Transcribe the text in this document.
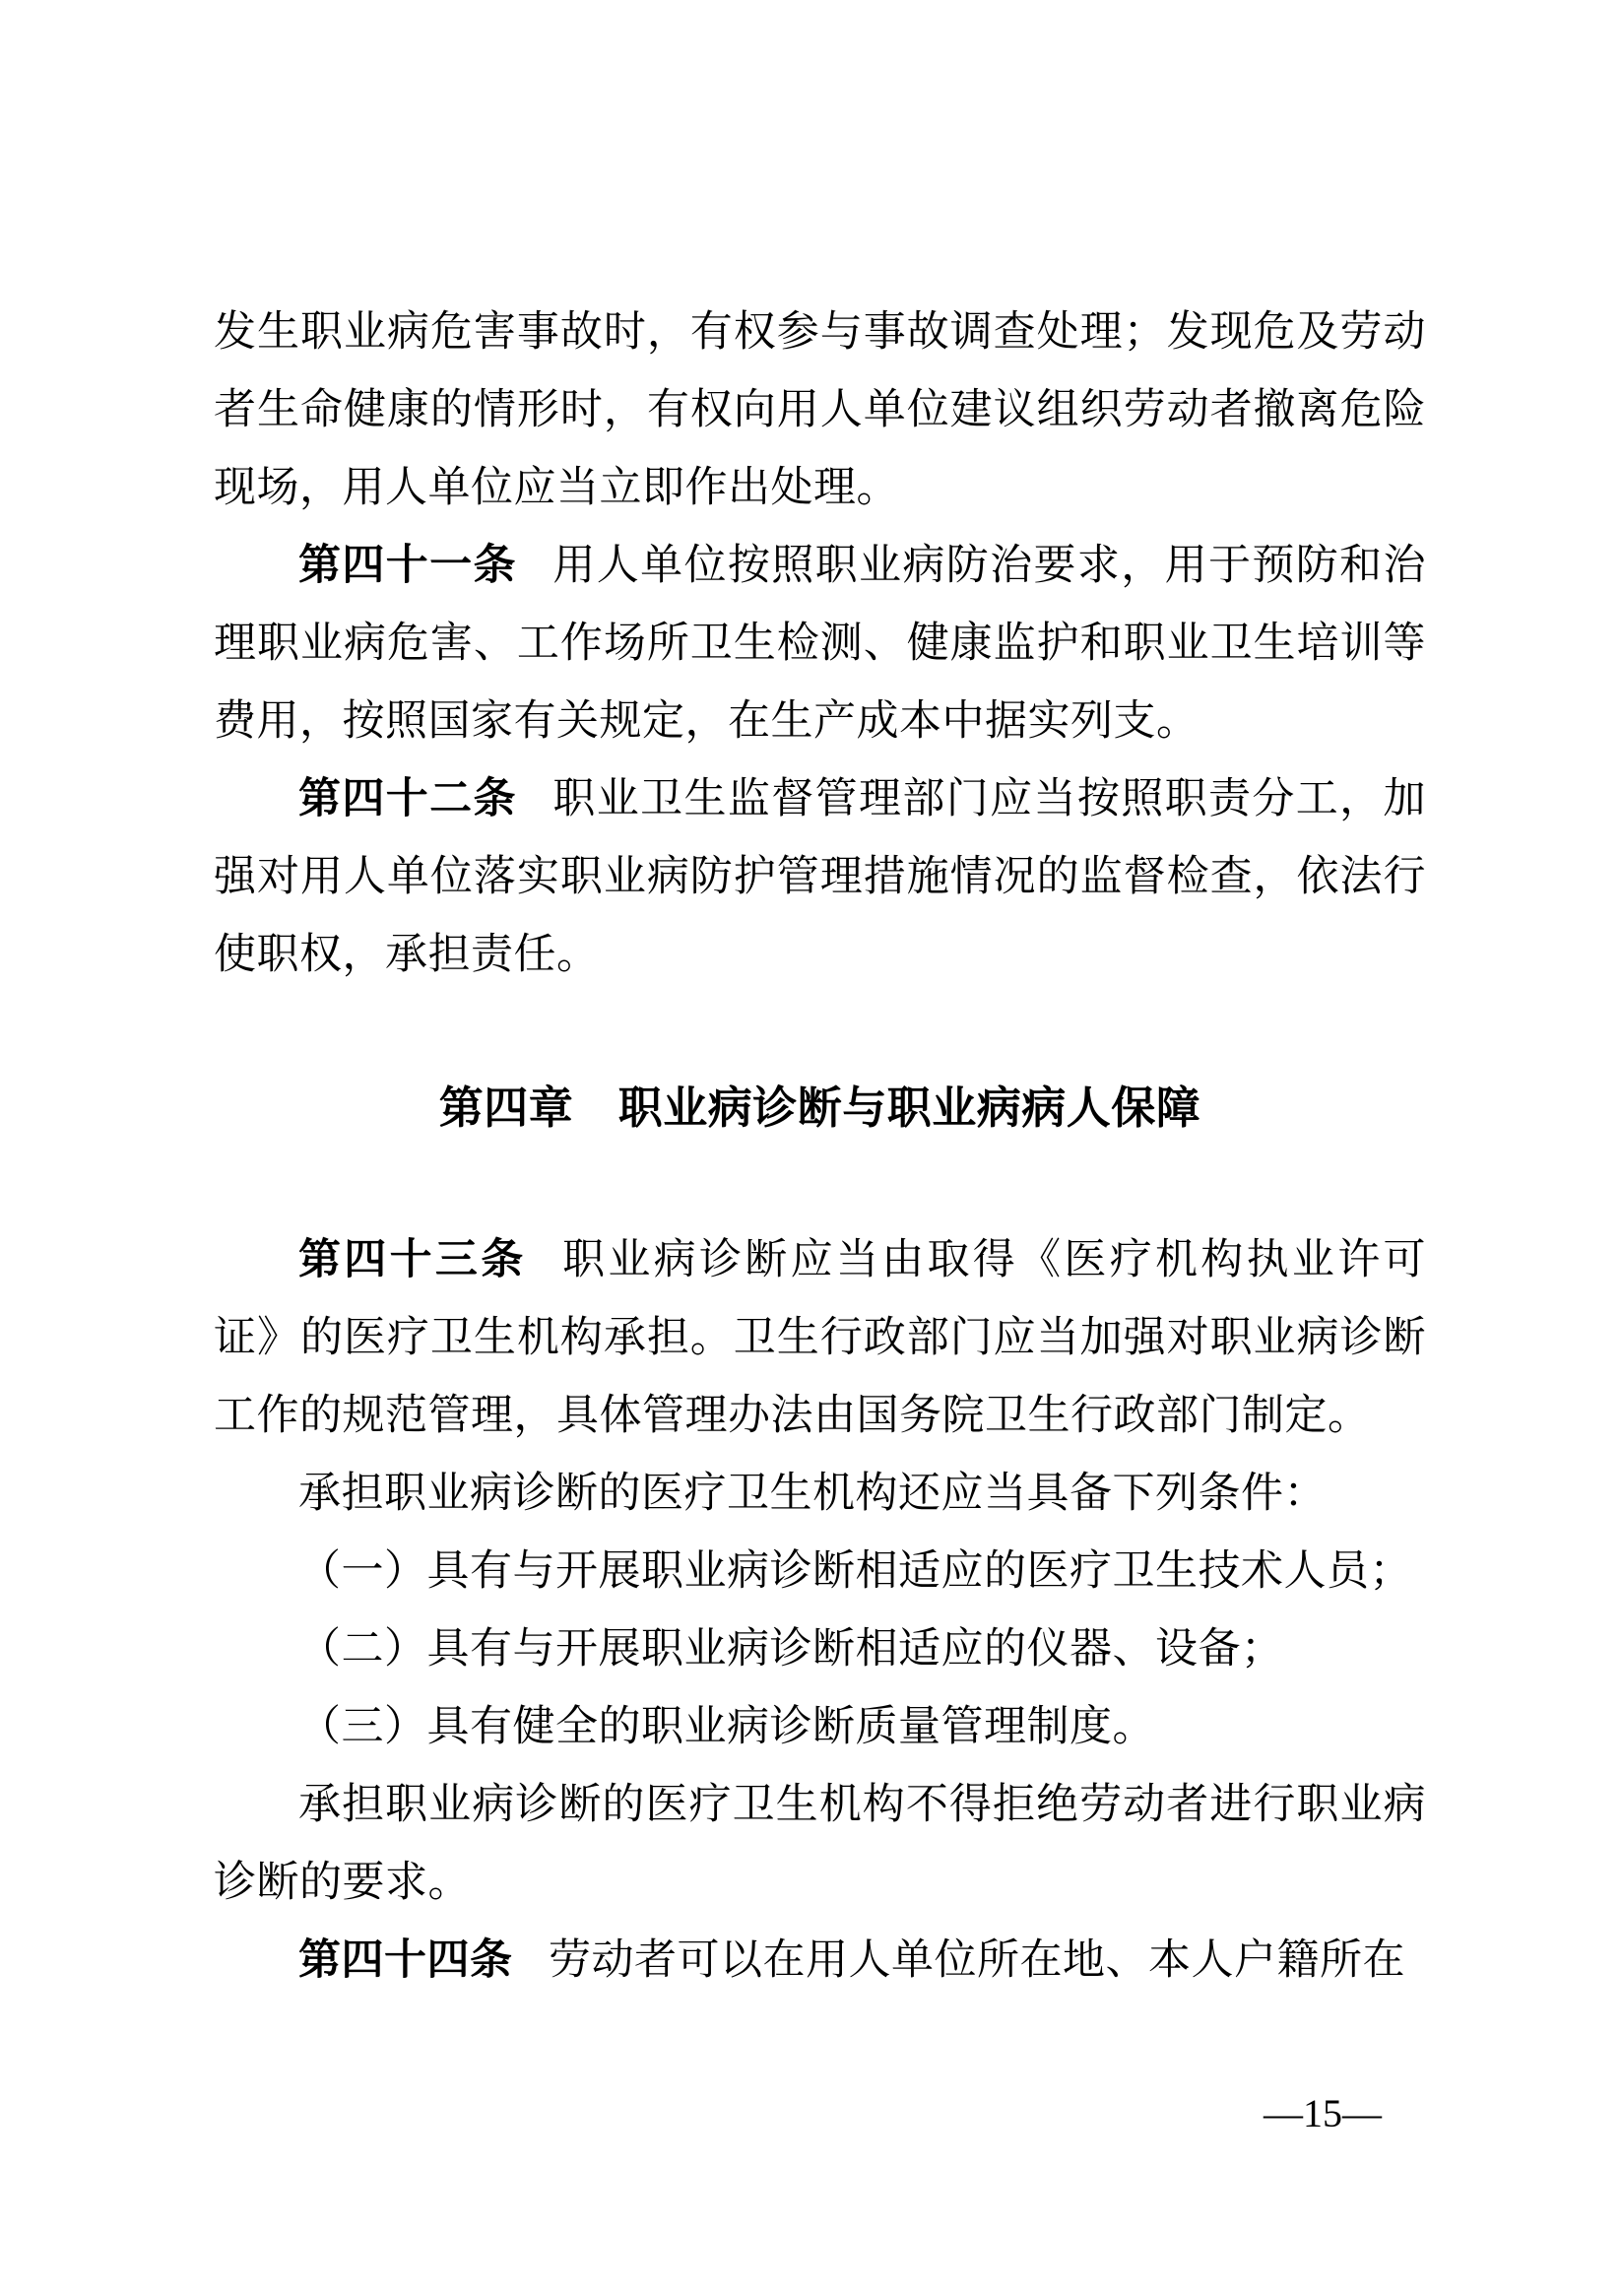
发生职业病危害事故时，有权参与事故调查处理；发现危及劳动者生命健康的情形时，有权向用人单位建议组织劳动者撤离危险现场，用人单位应当立即作出处理。

第四十一条 用人单位按照职业病防治要求，用于预防和治理职业病危害、工作场所卫生检测、健康监护和职业卫生培训等费用，按照国家有关规定，在生产成本中据实列支。

第四十二条 职业卫生监督管理部门应当按照职责分工，加强对用人单位落实职业病防护管理措施情况的监督检查，依法行使职权，承担责任。

第四章　职业病诊断与职业病病人保障

第四十三条 职业病诊断应当由取得《医疗机构执业许可证》的医疗卫生机构承担。卫生行政部门应当加强对职业病诊断工作的规范管理，具体管理办法由国务院卫生行政部门制定。

承担职业病诊断的医疗卫生机构还应当具备下列条件：

（一）具有与开展职业病诊断相适应的医疗卫生技术人员；

（二）具有与开展职业病诊断相适应的仪器、设备；

（三）具有健全的职业病诊断质量管理制度。

承担职业病诊断的医疗卫生机构不得拒绝劳动者进行职业病诊断的要求。

第四十四条 劳动者可以在用人单位所在地、本人户籍所在

—15—
